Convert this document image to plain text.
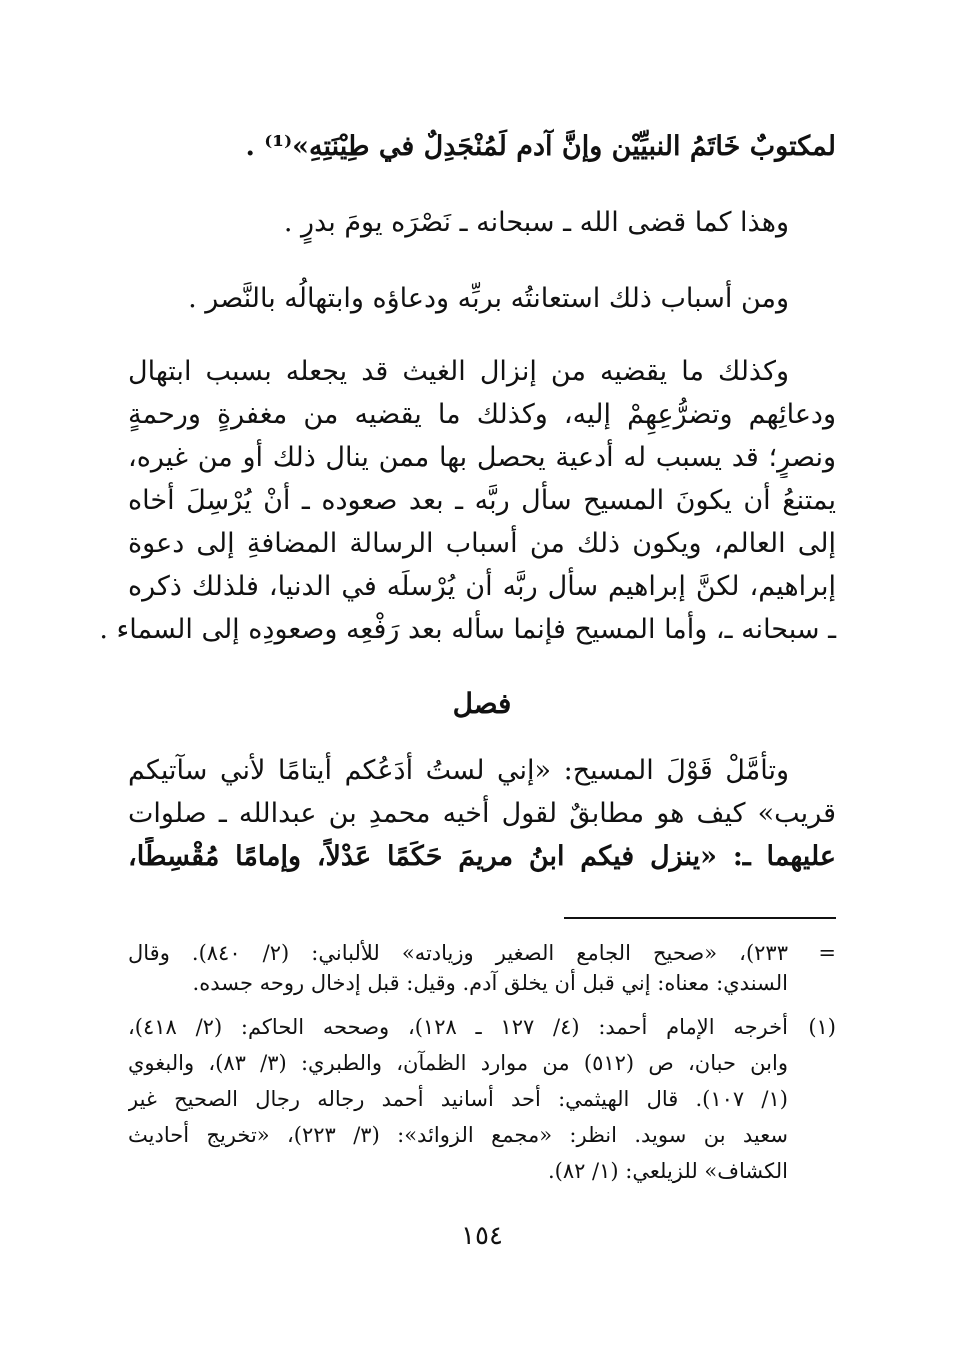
لمكتوبٌ خَاتَمُ النبيِّيْن وإنَّ آدم لَمُنْجَدِلٌ في طِيْنَتِهِ»⁽¹⁾ .
وهذا كما قضى الله ـ سبحانه ـ نَصْرَه يومَ بدرٍ .
ومن أسباب ذلك استعانتُه بربِّه ودعاؤه وابتهالُه بالنَّصر .
وكذلك ما يقضيه من إنزال الغيث قد يجعله بسبب ابتهال
ودعائِهم وتضرُّعِهِمْ إليه، وكذلك ما يقضيه من مغفرةٍ ورحمةٍ
ونصرٍ؛ قد يسبب له أدعية يحصل بها ممن ينال ذلك أو من غيره،
يمتنعُ أن يكونَ المسيح سأل ربَّه ـ بعد صعوده ـ أنْ يُرْسِلَ أخاه
إلى العالم، ويكون ذلك من أسباب الرسالة المضافةِ إلى دعوة
إبراهيم، لكنَّ إبراهيم سأل ربَّه أن يُرْسلَه في الدنيا، فلذلك ذكره
ـ سبحانه ـ، وأما المسيح فإنما سأله بعد رَفْعِه وصعودِه إلى السماء .
فصل
وتأمَّلْ قَوْلَ المسيح: «إني لستُ أدَعُكم أيتامًا لأني سآتيكم
قريب» كيف هو مطابقٌ لقول أخيه محمدِ بن عبدالله ـ صلوات
عليهما ـ: «ينزل فيكم ابنُ مريمَ حَكَمًا عَدْلاً، وإمامًا مُقْسِطًا،
=
٢٣٣)، «صحيح الجامع الصغير وزيادته» للألباني: (٢/ ٨٤٠). وقال
السندي: معناه: إني قبل أن يخلق آدم. وقيل: قبل إدخال روحه جسده.
(١)
أخرجه الإمام أحمد: (٤/ ١٢٧ ـ ١٢٨)، وصححه الحاكم: (٢/ ٤١٨)،
وابن حبان، ص (٥١٢) من موارد الظمآن، والطبري: (٣/ ٨٣)، والبغوي
(١/ ١٠٧). قال الهيثمي: أحد أسانيد أحمد رجاله رجال الصحيح غير
سعيد بن سويد. انظر: «مجمع الزوائد»: (٣/ ٢٢٣)، «تخريج أحاديث
الكشاف» للزيلعي: (١/ ٨٢).
١٥٤
